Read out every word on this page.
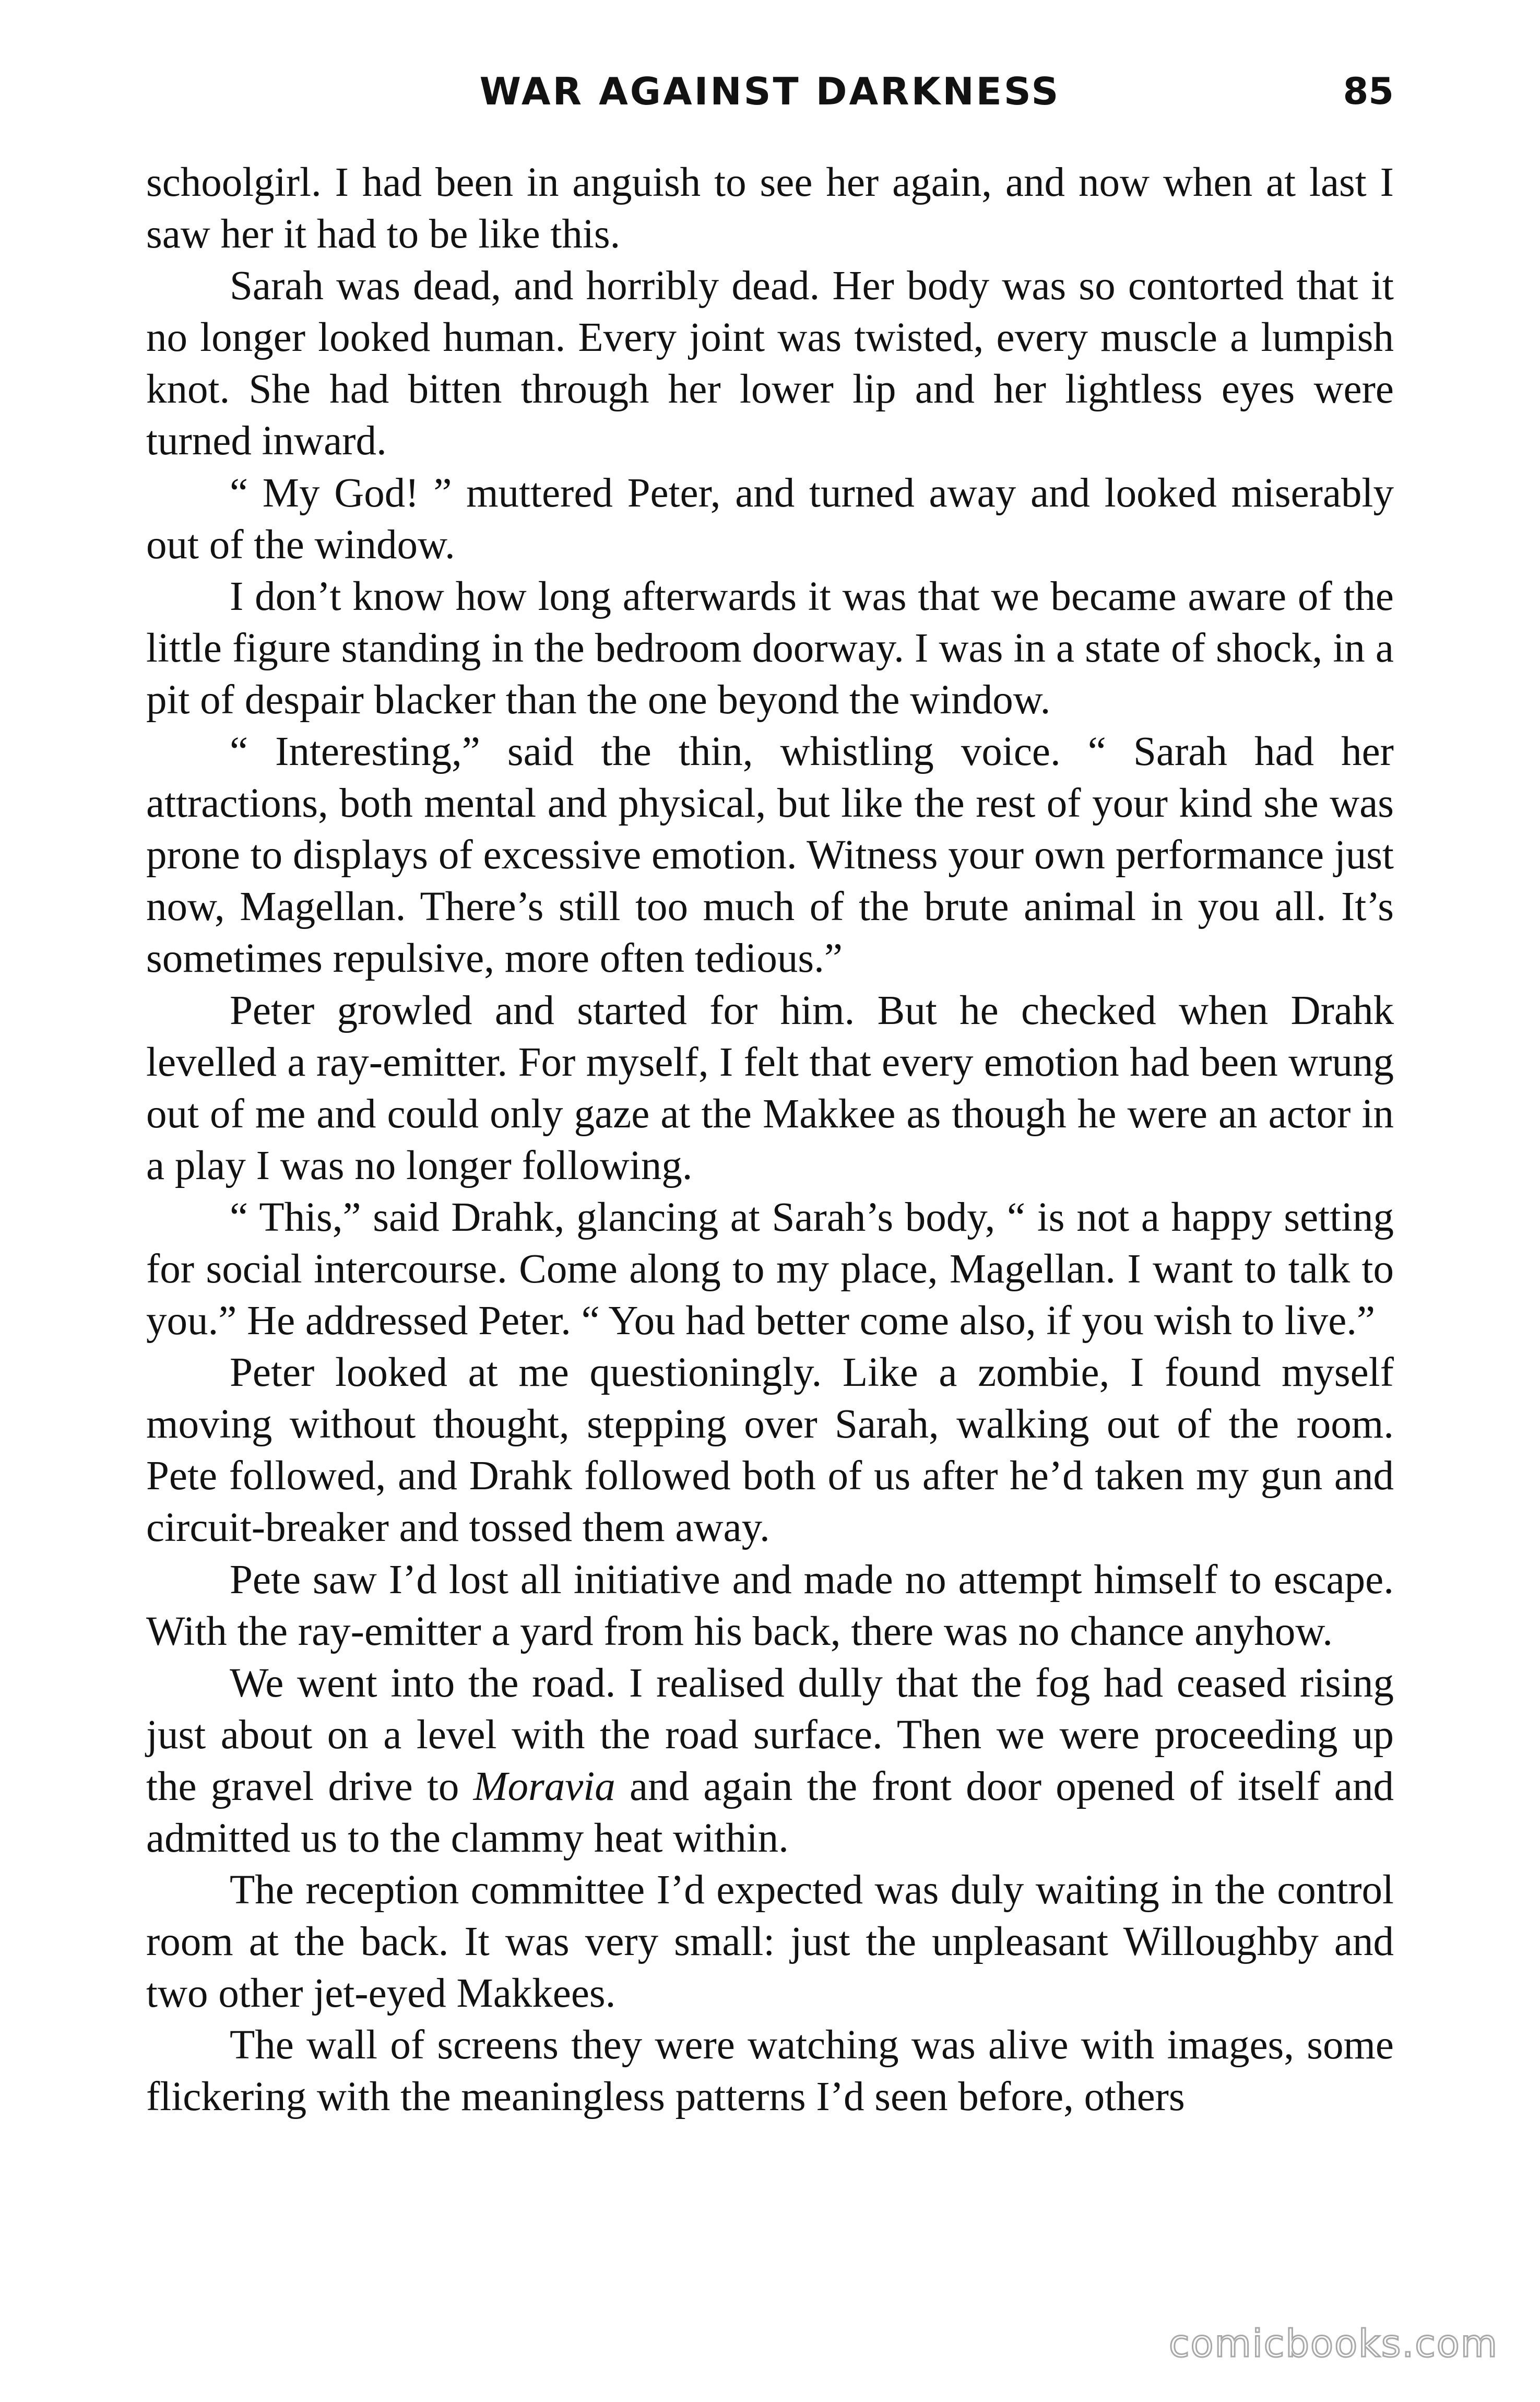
WAR AGAINST DARKNESS	85

schoolgirl. I had been in anguish to see her again, and now when at last I saw her it had to be like this.

Sarah was dead, and horribly dead. Her body was so contorted that it no longer looked human. Every joint was twisted, every muscle a lumpish knot. She had bitten through her lower lip and her lightless eyes were turned inward.

“ My God! ” muttered Peter, and turned away and looked miserably out of the window.

I don’t know how long afterwards it was that we became aware of the little figure standing in the bedroom doorway. I was in a state of shock, in a pit of despair blacker than the one beyond the window.

“ Interesting,” said the thin, whistling voice. “ Sarah had her attractions, both mental and physical, but like the rest of your kind she was prone to displays of excessive emotion. Witness your own performance just now, Magellan. There’s still too much of the brute animal in you all. It’s sometimes repulsive, more often tedious.”

Peter growled and started for him. But he checked when Drahk levelled a ray-emitter. For myself, I felt that every emotion had been wrung out of me and could only gaze at the Makkee as though he were an actor in a play I was no longer following.

“ This,” said Drahk, glancing at Sarah’s body, “ is not a happy setting for social intercourse. Come along to my place, Magellan. I want to talk to you.” He addressed Peter. “ You had better come also, if you wish to live.”

Peter looked at me questioningly. Like a zombie, I found myself moving without thought, stepping over Sarah, walking out of the room. Pete followed, and Drahk followed both of us after he’d taken my gun and circuit-breaker and tossed them away.

Pete saw I’d lost all initiative and made no attempt himself to escape. With the ray-emitter a yard from his back, there was no chance anyhow.

We went into the road. I realised dully that the fog had ceased rising just about on a level with the road surface. Then we were proceeding up the gravel drive to Moravia and again the front door opened of itself and admitted us to the clammy heat within.

The reception committee I’d expected was duly waiting in the control room at the back. It was very small: just the unpleasant Willoughby and two other jet-eyed Makkees.

The wall of screens they were watching was alive with images, some flickering with the meaningless patterns I’d seen before, others

comicbooks.com
